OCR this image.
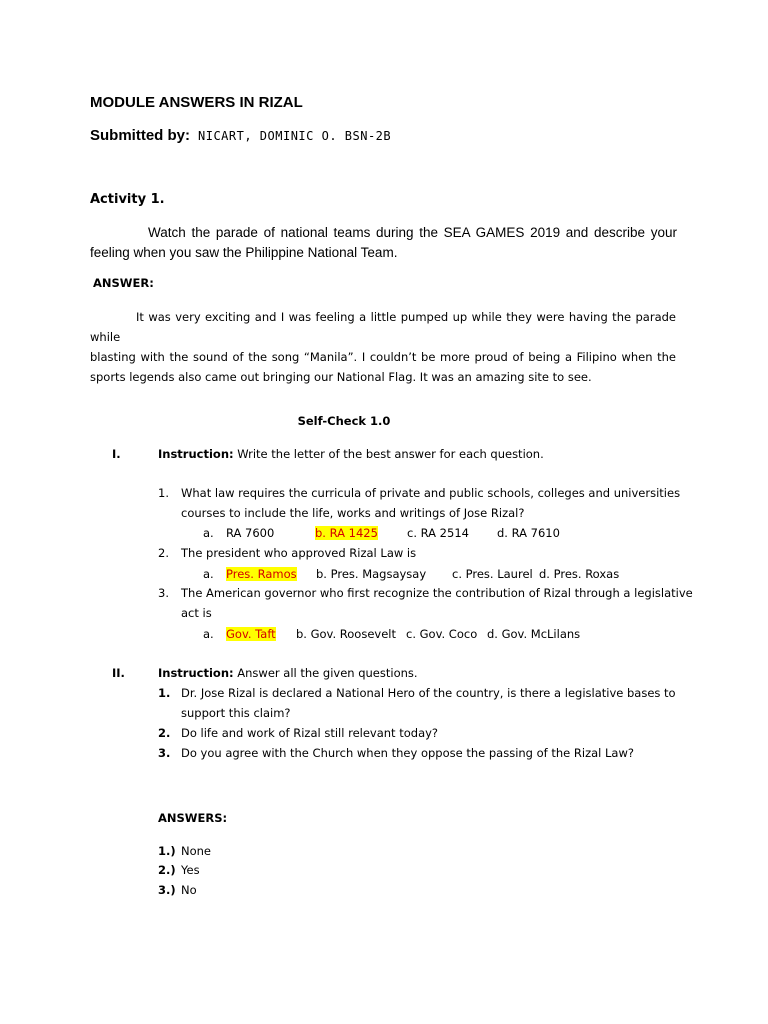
MODULE ANSWERS IN RIZAL
Submitted by: NICART, DOMINIC O. BSN-2B
Activity 1.
Watch the parade of national teams during the SEA GAMES 2019 and describe your
feeling when you saw the Philippine National Team.
ANSWER:
It was very exciting and I was feeling a little pumped up while they were having the parade while
blasting with the sound of the song “Manila”. I couldn’t be more proud of being a Filipino when the
sports legends also came out bringing our National Flag. It was an amazing site to see.
Self-Check 1.0
I.	Instruction: Write the letter of the best answer for each question.
1. What law requires the curricula of private and public schools, colleges and universities
courses to include the life, works and writings of Jose Rizal?
a. RA 7600	b. RA 1425	c. RA 2514 d. RA 7610
2. The president who approved Rizal Law is
a. Pres. Ramos b. Pres. Magsaysay c. Pres. Laurel d. Pres. Roxas
3. The American governor who first recognize the contribution of Rizal through a legislative
act is
a. Gov. Taft b. Gov. Roosevelt c. Gov. Coco d. Gov. McLilans
II.	Instruction: Answer all the given questions.
1. Dr. Jose Rizal is declared a National Hero of the country, is there a legislative bases to
support this claim?
2. Do life and work of Rizal still relevant today?
3. Do you agree with the Church when they oppose the passing of the Rizal Law?
ANSWERS:
1.) None
2.) Yes
3.) No
